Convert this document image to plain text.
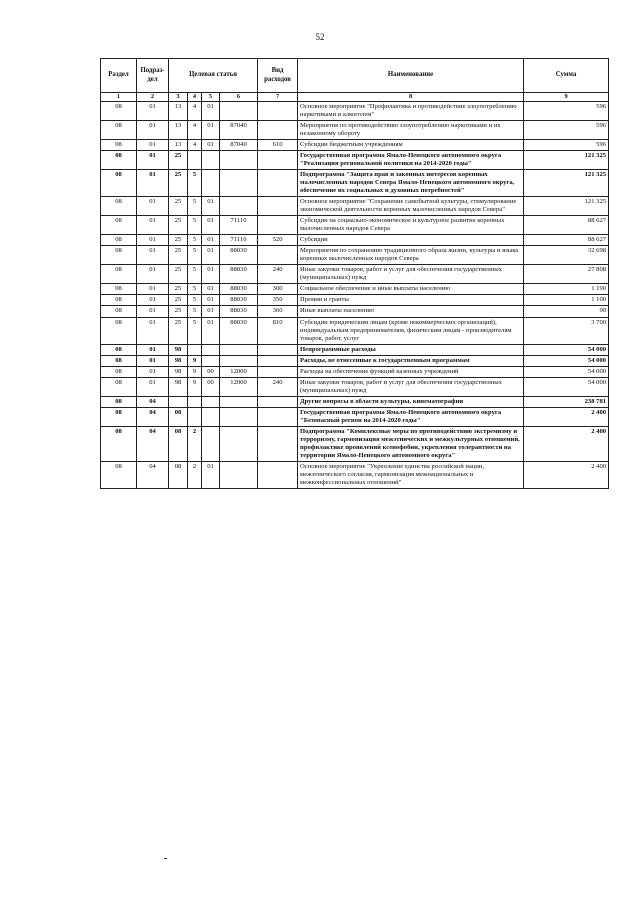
52
Раздел	Подраз-дел	Целевая статья				Вид расходов	Наименование	Сумма
1	2	3	4	5	6	7	8	9
08	01	13	4	01			Основное мероприятие "Профилактика и противодействие злоупотреблению наркотиками и алкоголем"	596
08	01	13	4	01	87040		Мероприятия по противодействию злоупотреблению наркотиками и их незаконному обороту	596
08	01	13	4	01	87040	610	Субсидии бюджетным учреждениям	596
08	01	25					Государственная программа Ямало-Ненецкого автономного округа "Реализация региональной политики на 2014-2020 годы"	121 325
08	01	25	5				Подпрограмма "Защита прав и законных интересов коренных малочисленных народов Севера Ямало-Ненецкого автономного округа, обеспечение их социальных и духовных потребностей"	121 325
08	01	25	5	01			Основное мероприятие "Сохранение самобытной культуры, стимулирование экономической деятельности коренных малочисленных народов Севера"	121 325
08	01	25	5	01	71110		Субсидии на социально-экономическое и культурное развитие коренных малочисленных народов Севера	88 627
08	01	25	5	01	71110	520	Субсидии	88 627
08	01	25	5	01	88030		Мероприятия по сохранению традиционного образа жизни, культуры и языка коренных малочисленных народов Севера	32 698
08	01	25	5	01	88030	240	Иные закупки товаров, работ и услуг для обеспечения государственных (муниципальных) нужд	27 808
08	01	25	5	01	88030	300	Социальное обеспечение и иные выплаты населению	1 190
08	01	25	5	01	88030	350	Премии и гранты	1 100
08	01	25	5	01	88030	360	Иные выплаты населению	90
08	01	25	5	01	88030	810	Субсидии юридическим лицам (кроме некоммерческих организаций), индивидуальным предпринимателям, физическим лицам - производителям товаров, работ, услуг	3 700
08	01	98					Непрограммные расходы	54 000
08	01	98	9				Расходы, не отнесенные к государственным программам	54 000
08	01	98	9	00	12000		Расходы на обеспечение функций казенных учреждений	54 000
08	01	98	9	00	12000	240	Иные закупки товаров, работ и услуг для обеспечения государственных (муниципальных) нужд	54 000
08	04						Другие вопросы в области культуры, кинематографии	238 781
08	04	08					Государственная программа Ямало-Ненецкого автономного округа "Безопасный регион на 2014-2020 годы"	2 400
08	04	08	2				Подпрограмма "Комплексные меры по противодействию экстремизму и терроризму, гармонизация межэтнических и межкультурных отношений, профилактике проявлений ксенофобии, укрепления толерантности на территории Ямало-Ненецкого автономного округа"	2 400
08	04	08	2	01			Основное мероприятие "Укрепление единства российской нации, межэтнического согласия, гармонизация межнациональных и межконфессиональных отношений"	2 400
